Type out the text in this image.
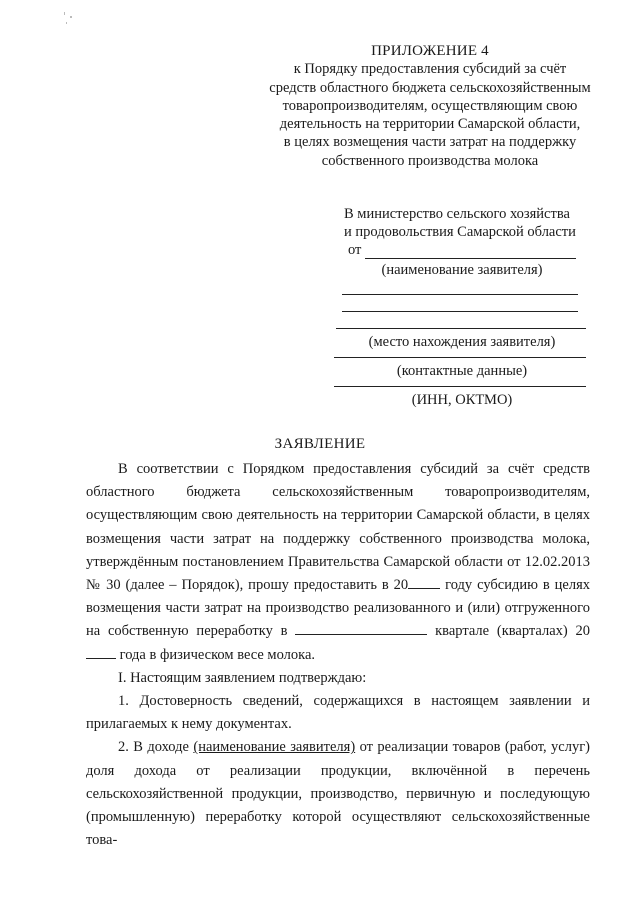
ПРИЛОЖЕНИЕ 4
к Порядку предоставления субсидий за счёт
средств областного бюджета сельскохозяйственным
товаропроизводителям, осуществляющим свою
деятельность на территории Самарской области,
в целях возмещения части затрат на поддержку
собственного производства молока
В министерство сельского хозяйства
и продовольствия Самарской области
от
(наименование заявителя)
(место нахождения заявителя)
(контактные данные)
(ИНН, ОКТМО)
ЗАЯВЛЕНИЕ

В соответствии с Порядком предоставления субсидий за счёт средств областного бюджета сельскохозяйственным товаропроизводителям, осуществляющим свою деятельность на территории Самарской области, в целях возмещения части затрат на поддержку собственного производства молока, утверждённым постановлением Правительства Самарской области от 12.02.2013 № 30 (далее – Порядок), прошу предоставить в 20	году субсидию в целях возмещения части затрат на производство реализованного и (или) отгруженного на собственную переработку в	квартале (кварталах) 20 года в физическом весе молока.

I. Настоящим заявлением подтверждаю:

1. Достоверность сведений, содержащихся в настоящем заявлении и прилагаемых к нему документах.

2. В доходе (наименование заявителя) от реализации товаров (работ, услуг) доля дохода от реализации продукции, включённой в перечень сельскохозяйственной продукции, производство, первичную и последующую (промышленную) переработку которой осуществляют сельскохозяйственные това-
